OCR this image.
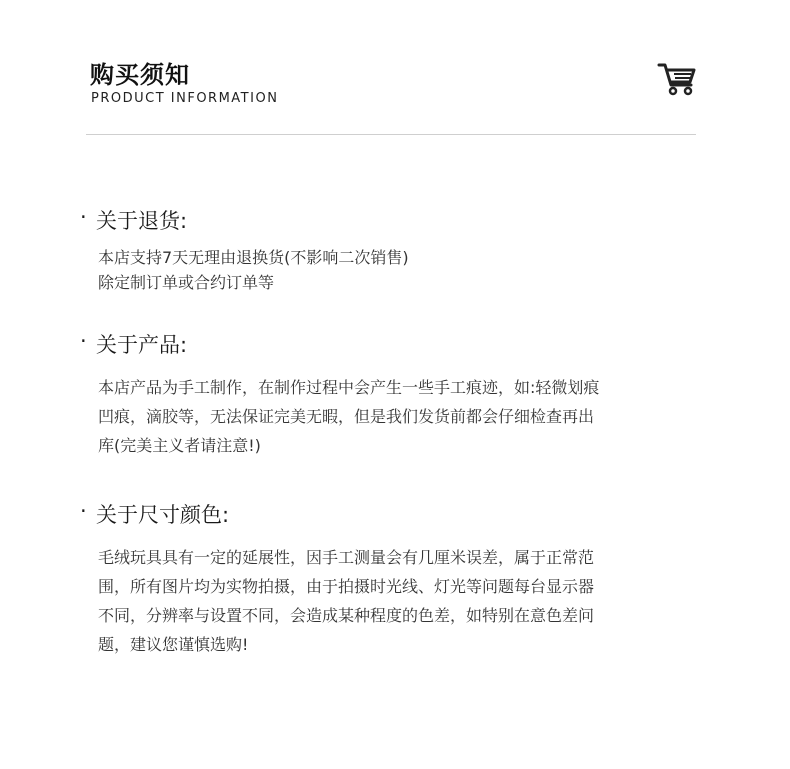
购买须知
PRODUCT INFORMATION
· 关于退货:
本店支持7天无理由退换货(不影响二次销售)
除定制订单或合约订单等
· 关于产品:
本店产品为手工制作，在制作过程中会产生一些手工痕迹，如:轻微划痕
凹痕，滴胶等，无法保证完美无暇，但是我们发货前都会仔细检查再出
库(完美主义者请注意!)
· 关于尺寸颜色:
毛绒玩具具有一定的延展性，因手工测量会有几厘米误差，属于正常范
围，所有图片均为实物拍摄，由于拍摄时光线、灯光等问题每台显示器
不同，分辨率与设置不同，会造成某种程度的色差，如特别在意色差问
题，建议您谨慎选购!
